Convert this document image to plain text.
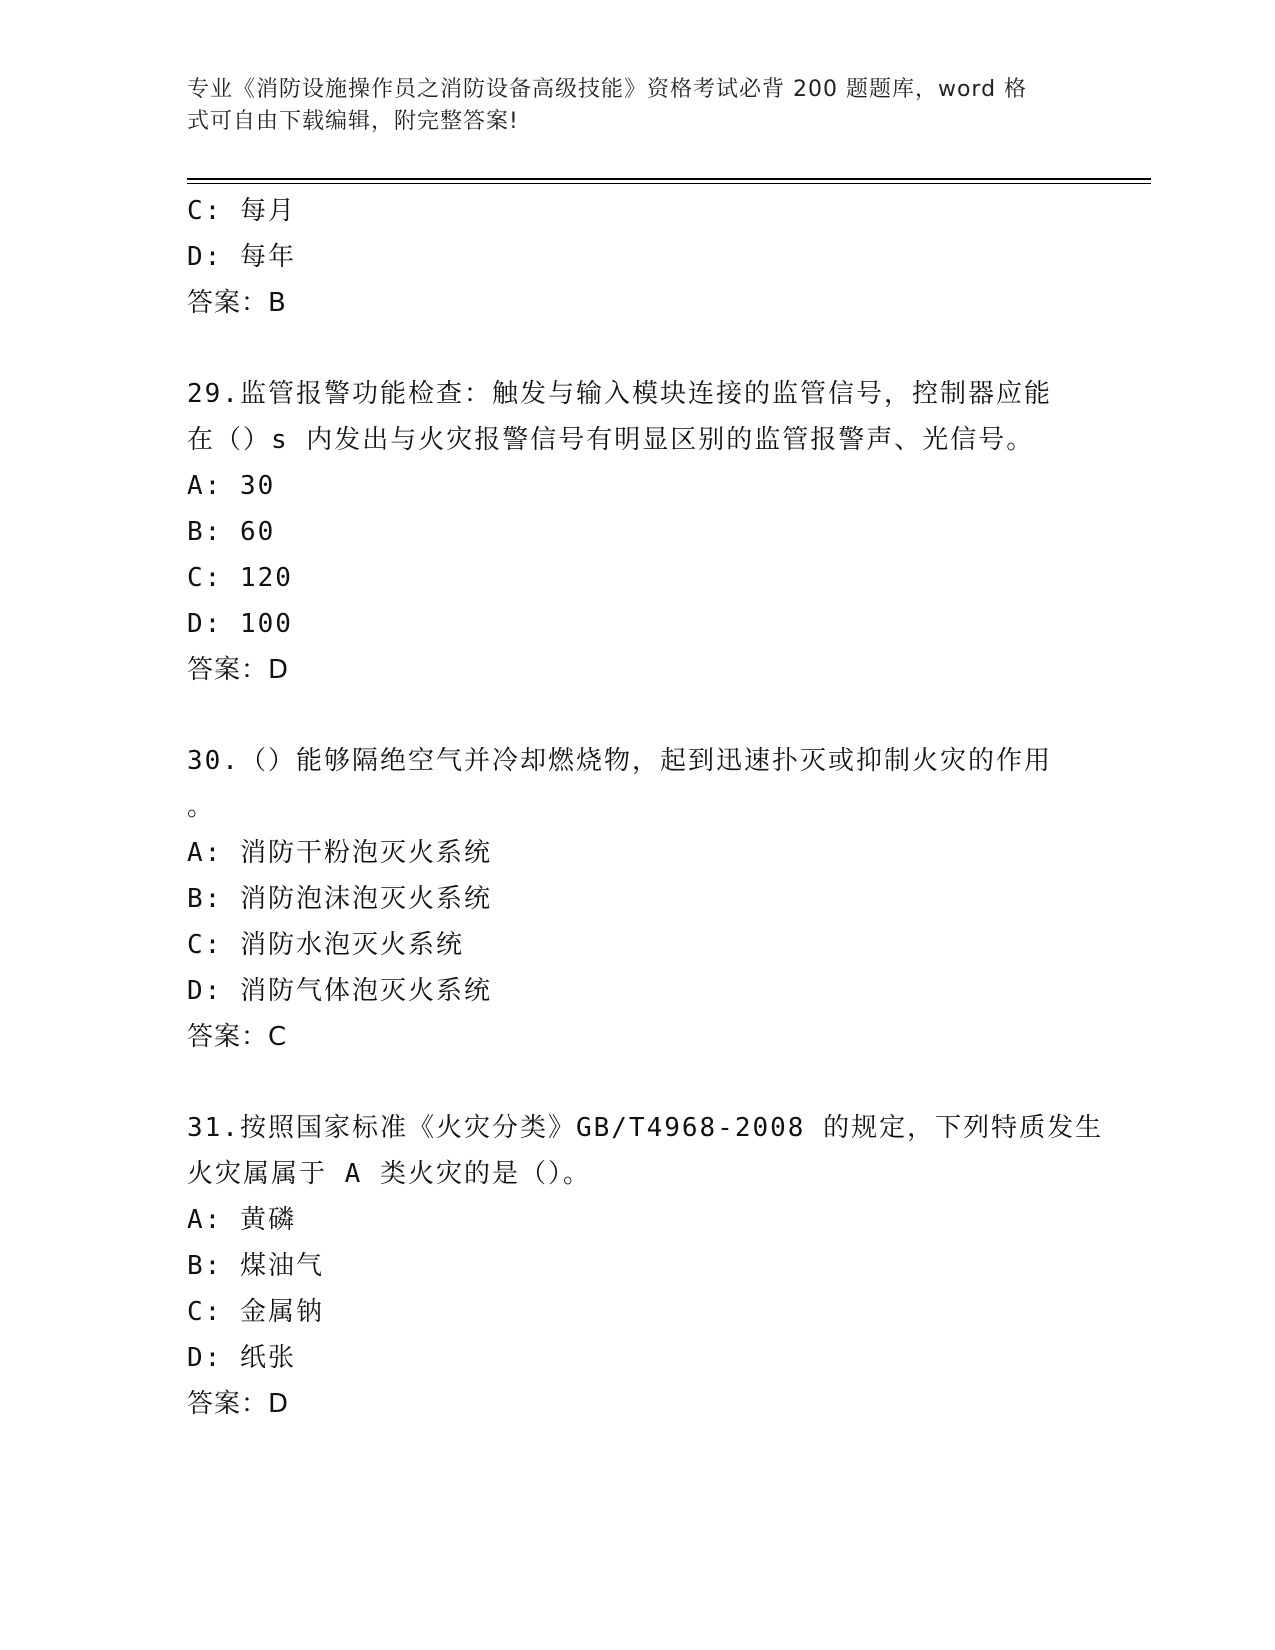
专业《消防设施操作员之消防设备高级技能》资格考试必背 200 题题库，word 格
式可自由下载编辑，附完整答案!
C: 每月
D: 每年
答案：B
29.监管报警功能检查：触发与输入模块连接的监管信号，控制器应能
在（）s 内发出与火灾报警信号有明显区别的监管报警声、光信号。
A: 30
B: 60
C: 120
D: 100
答案：D
30.（）能够隔绝空气并冷却燃烧物，起到迅速扑灭或抑制火灾的作用
。
A: 消防干粉泡灭火系统
B: 消防泡沫泡灭火系统
C: 消防水泡灭火系统
D: 消防气体泡灭火系统
答案：C
31.按照国家标准《火灾分类》GB/T4968-2008 的规定，下列特质发生
火灾属属于 A 类火灾的是（）。
A: 黄磷
B: 煤油气
C: 金属钠
D: 纸张
答案：D
